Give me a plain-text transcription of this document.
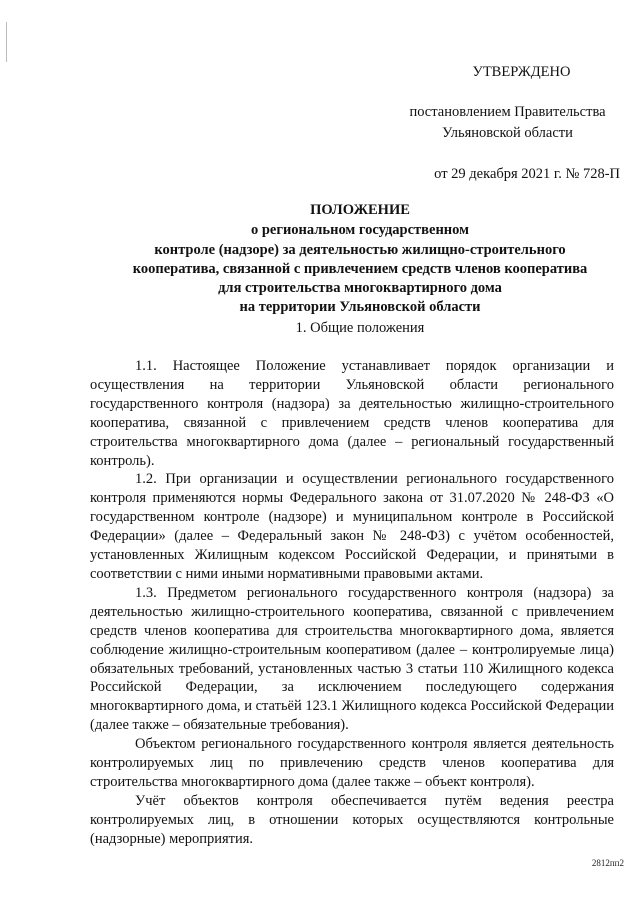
УТВЕРЖДЕНО
постановлением Правительства
Ульяновской области
от 29 декабря 2021 г. № 728-П
ПОЛОЖЕНИЕ
о региональном государственном
контроле (надзоре) за деятельностью жилищно-строительного
кооператива, связанной с привлечением средств членов кооператива
для строительства многоквартирного дома
на территории Ульяновской области
1. Общие положения

1.1. Настоящее Положение устанавливает порядок организации и осуществления на территории Ульяновской области регионального государственного контроля (надзора) за деятельностью жилищно-строительного кооператива, связанной с привлечением средств членов кооператива для строительства многоквартирного дома (далее – региональный государственный контроль).

1.2. При организации и осуществлении регионального государственного контроля применяются нормы Федерального закона от 31.07.2020 № 248-ФЗ «О государственном контроле (надзоре) и муниципальном контроле в Российской Федерации» (далее – Федеральный закон № 248-ФЗ) с учётом особенностей, установленных Жилищным кодексом Российской Федерации, и принятыми в соответствии с ними иными нормативными правовыми актами.

1.3. Предметом регионального государственного контроля (надзора) за деятельностью жилищно-строительного кооператива, связанной с привлечением средств членов кооператива для строительства многоквартирного дома, является соблюдение жилищно-строительным кооперативом (далее – контролируемые лица) обязательных требований, установленных частью 3 статьи 110 Жилищного кодекса Российской Федерации, за исключением последующего содержания многоквартирного дома, и статьёй 123.1 Жилищного кодекса Российской Федерации (далее также – обязательные требования).

Объектом регионального государственного контроля является деятельность контролируемых лиц по привлечению средств членов кооператива для строительства многоквартирного дома (далее также – объект контроля).

Учёт объектов контроля обеспечивается путём ведения реестра контролируемых лиц, в отношении которых осуществляются контрольные (надзорные) мероприятия.

2812пп2
